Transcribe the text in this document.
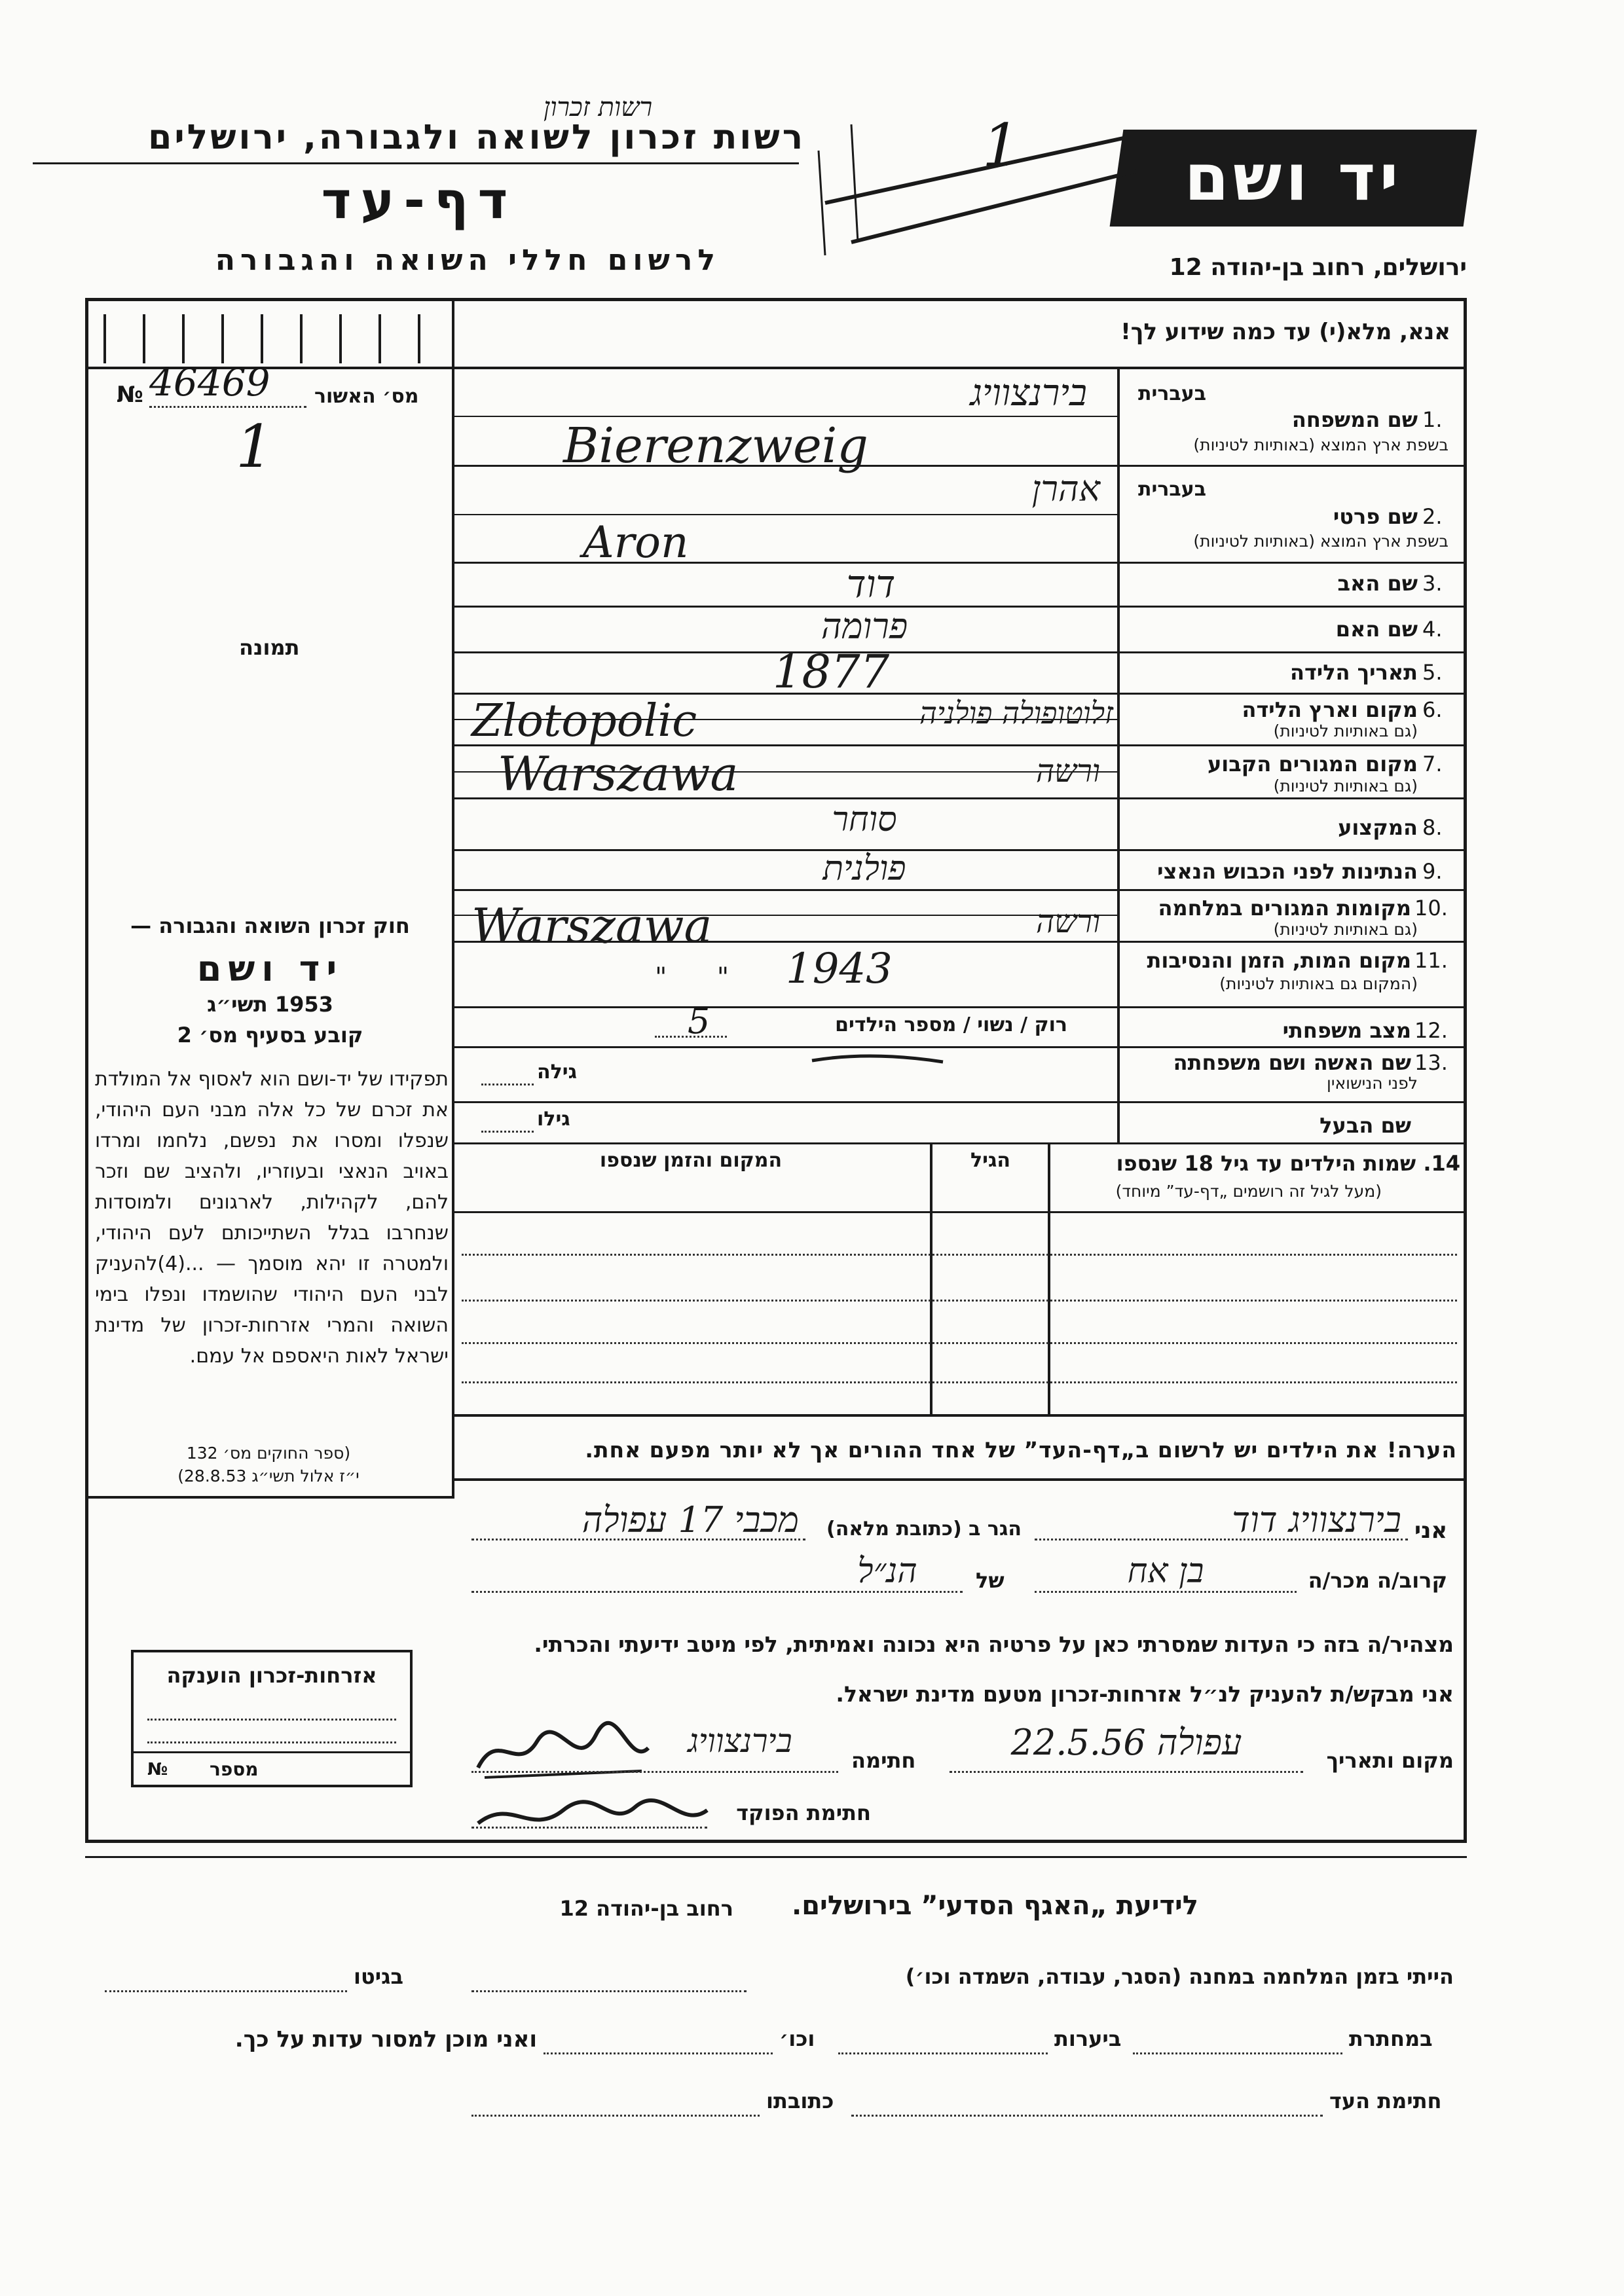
רשות זכרון לשואה ולגבורה, ירושלים
רשות זכרון
דף-עד
לרשום חללי השואה והגבורה
יד ושם
ירושלים, רחוב בן-יהודה 12
1
אנא, מלא(י) עד כמה שידוע לך!
№ 46469 מס׳ האשור
1
תמונה
בעברית
1.
שם המשפחה
בשפת ארץ המוצא (באותיות לטיניות)
בירנצוויג
Bierenzweig
בעברית
2.
שם פרטי
בשפת ארץ המוצא (באותיות לטיניות)
אהרן
Aron
3.
שם האב
דוד
4.
שם האם
פרומה
5.
תאריך הלידה
1877
6.
מקום וארץ הלידה
(גם באותיות לטיניות)
זלוטופולה פולניה
Zlotopolic
7.
מקום המגורים הקבוע
(גם באותיות לטיניות)
ורשה
Warszawa
8.
המקצוע
סוחר
9.
הנתינות לפני הכבוש הנאצי
פולנית
10.
מקומות המגורים במלחמה
(גם באותיות לטיניות)
ורשה
Warszawa
11.
מקום המות, הזמן והנסיבות
(המקום גם באותיות לטיניות)
1943
"      "
12.
מצב משפחתי
רוק / נשוי / מספר הילדים
5
13.
שם האשה ושם משפחתה
לפני הנישואין
גילה
שם הבעל
גילו
14. שמות הילדים עד גיל 18 שנספו
(מעל לגיל זה רושמים „דף-עד” מיוחד)
הגיל
המקום והזמן שנספו
חוק זכרון השואה והגבורה —
יד ושם
1953 תשי״ג
קובע בסעיף מס׳ 2
תפקידו של יד-ושם הוא לאסוף אל המולדת את זכרם של כל אלה מבני העם היהודי, שנפלו ומסרו את נפשם, נלחמו ומרדו באויב הנאצי ובעוזריו, ולהציב שם וזכר להם, לקהילות, לארגונים ולמוסדות שנחרבו בגלל השתייכותם לעם היהודי, ולמטרה זו יהא מוסמך — ...(4)להעניק לבני העם היהודי שהושמדו ונפלו בימי השואה והמרי אזרחות-זכרון של מדינת ישראל לאות היאספם אל עמם.
(ספר החוקים מס׳ 132
י״ז אלול תשי״ג 28.8.53)
הערה! את הילדים יש לרשום ב„דף-העד” של אחד ההורים אך לא יותר מפעם אחת.
אני
בירנצוויג דוד
הגר ב (כתובת מלאה)
מכבי 17 עפולה
קרוב/ה מכר/ה
בן אח
של
הנ״ל
מצהיר/ה בזה כי העדות שמסרתי כאן על פרטיה היא נכונה ואמיתית, לפי מיטב ידיעתי והכרתי.
אני מבקש/ת להעניק לנ״ל אזרחות-זכרון מטעם מדינת ישראל.
מקום ותאריך
עפולה 22.5.56
חתימה
בירנצוויג
חתימת הפוקד
אזרחות-זכרון הוענקה
№ מספר
לידיעת „האגף הסדעי” בירושלים.
רחוב בן-יהודה 12
הייתי בזמן המלחמה במחנה (הסגר, עבודה, השמדה וכו׳)
בגיטו
במחתרת
ביערות
וכו׳
ואני מוכן למסור עדות על כך.
חתימת העד
כתובתו
